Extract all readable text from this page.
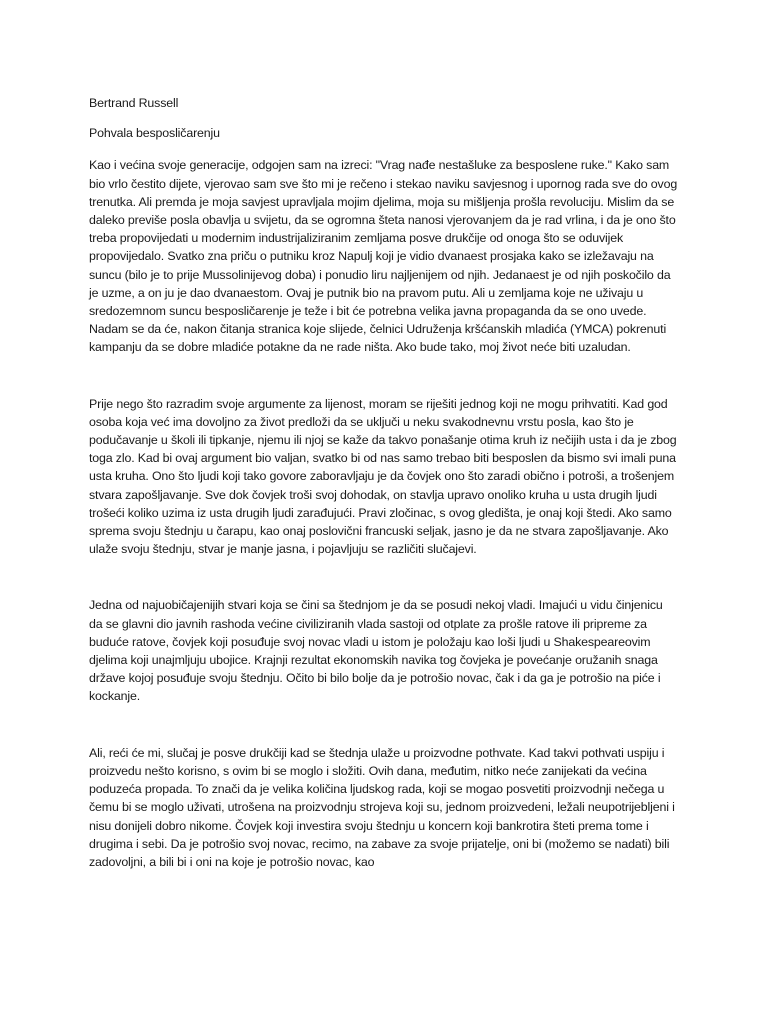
Bertrand Russell

Pohvala besposličarenju

Kao i većina svoje generacije, odgojen sam na izreci: "Vrag nađe nestašluke za besposlene ruke." Kako sam bio vrlo čestito dijete, vjerovao sam sve što mi je rečeno i stekao naviku savjesnog i upornog rada sve do ovog trenutka. Ali premda je moja savjest upravljala mojim djelima, moja su mišljenja prošla revoluciju. Mislim da se daleko previše posla obavlja u svijetu, da se ogromna šteta nanosi vjerovanjem da je rad vrlina, i da je ono što treba propovijedati u modernim industrijaliziranim zemljama posve drukčije od onoga što se oduvijek propovijedalo. Svatko zna priču o putniku kroz Napulj koji je vidio dvanaest prosjaka kako se izležavaju na suncu (bilo je to prije Mussolinijevog doba) i ponudio liru najljenijem od njih. Jedanaest je od njih poskočilo da je uzme, a on ju je dao dvanaestom. Ovaj je putnik bio na pravom putu. Ali u zemljama koje ne uživaju u sredozemnom suncu besposličarenje je teže i bit će potrebna velika javna propaganda da se ono uvede. Nadam se da će, nakon čitanja stranica koje slijede, čelnici Udruženja kršćanskih mladića (YMCA) pokrenuti kampanju da se dobre mladiće potakne da ne rade ništa. Ako bude tako, moj život neće biti uzaludan.

Prije nego što razradim svoje argumente za lijenost, moram se riješiti jednog koji ne mogu prihvatiti. Kad god osoba koja već ima dovoljno za život predloži da se uključi u neku svakodnevnu vrstu posla, kao što je podučavanje u školi ili tipkanje, njemu ili njoj se kaže da takvo ponašanje otima kruh iz nečijih usta i da je zbog toga zlo. Kad bi ovaj argument bio valjan, svatko bi od nas samo trebao biti besposlen da bismo svi imali puna usta kruha. Ono što ljudi koji tako govore zaboravljaju je da čovjek ono što zaradi obično i potroši, a trošenjem stvara zapošljavanje. Sve dok čovjek troši svoj dohodak, on stavlja upravo onoliko kruha u usta drugih ljudi trošeći koliko uzima iz usta drugih ljudi zarađujući. Pravi zločinac, s ovog gledišta, je onaj koji štedi. Ako samo sprema svoju štednju u čarapu, kao onaj poslovični francuski seljak, jasno je da ne stvara zapošljavanje. Ako ulaže svoju štednju, stvar je manje jasna, i pojavljuju se različiti slučajevi.

Jedna od najuobičajenijih stvari koja se čini sa štednjom je da se posudi nekoj vladi. Imajući u vidu činjenicu da se glavni dio javnih rashoda većine civiliziranih vlada sastoji od otplate za prošle ratove ili pripreme za buduće ratove, čovjek koji posuđuje svoj novac vladi u istom je položaju kao loši ljudi u Shakespeareovim djelima koji unajmljuju ubojice. Krajnji rezultat ekonomskih navika tog čovjeka je povećanje oružanih snaga države kojoj posuđuje svoju štednju. Očito bi bilo bolje da je potrošio novac, čak i da ga je potrošio na piće i kockanje.

Ali, reći će mi, slučaj je posve drukčiji kad se štednja ulaže u proizvodne pothvate. Kad takvi pothvati uspiju i proizvedu nešto korisno, s ovim bi se moglo i složiti. Ovih dana, međutim, nitko neće zanijekati da većina poduzeća propada. To znači da je velika količina ljudskog rada, koji se mogao posvetiti proizvodnji nečega u čemu bi se moglo uživati, utrošena na proizvodnju strojeva koji su, jednom proizvedeni, ležali neupotrijebljeni i nisu donijeli dobro nikome. Čovjek koji investira svoju štednju u koncern koji bankrotira šteti prema tome i drugima i sebi. Da je potrošio svoj novac, recimo, na zabave za svoje prijatelje, oni bi (možemo se nadati) bili zadovoljni, a bili bi i oni na koje je potrošio novac, kao
